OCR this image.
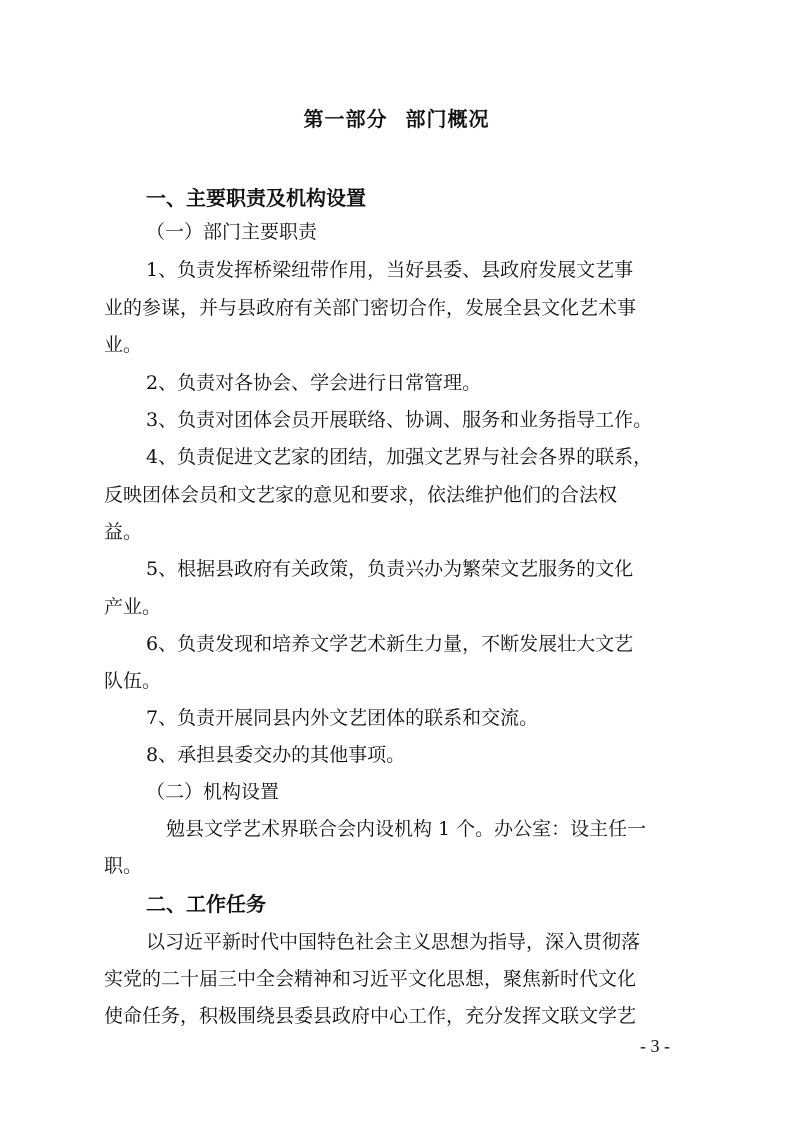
第一部分 部门概况
一、主要职责及机构设置
（一）部门主要职责
1、负责发挥桥梁纽带作用，当好县委、县政府发展文艺事
业的参谋，并与县政府有关部门密切合作，发展全县文化艺术事
业。
2、负责对各协会、学会进行日常管理。
3、负责对团体会员开展联络、协调、服务和业务指导工作。
4、负责促进文艺家的团结，加强文艺界与社会各界的联系，
反映团体会员和文艺家的意见和要求，依法维护他们的合法权
益。
5、根据县政府有关政策，负责兴办为繁荣文艺服务的文化
产业。
6、负责发现和培养文学艺术新生力量，不断发展壮大文艺
队伍。
7、负责开展同县内外文艺团体的联系和交流。
8、承担县委交办的其他事项。
（二）机构设置
勉县文学艺术界联合会内设机构 1 个。办公室：设主任一
职。
二、工作任务
以习近平新时代中国特色社会主义思想为指导，深入贯彻落
实党的二十届三中全会精神和习近平文化思想，聚焦新时代文化
使命任务，积极围绕县委县政府中心工作，充分发挥文联文学艺
- 3 -
